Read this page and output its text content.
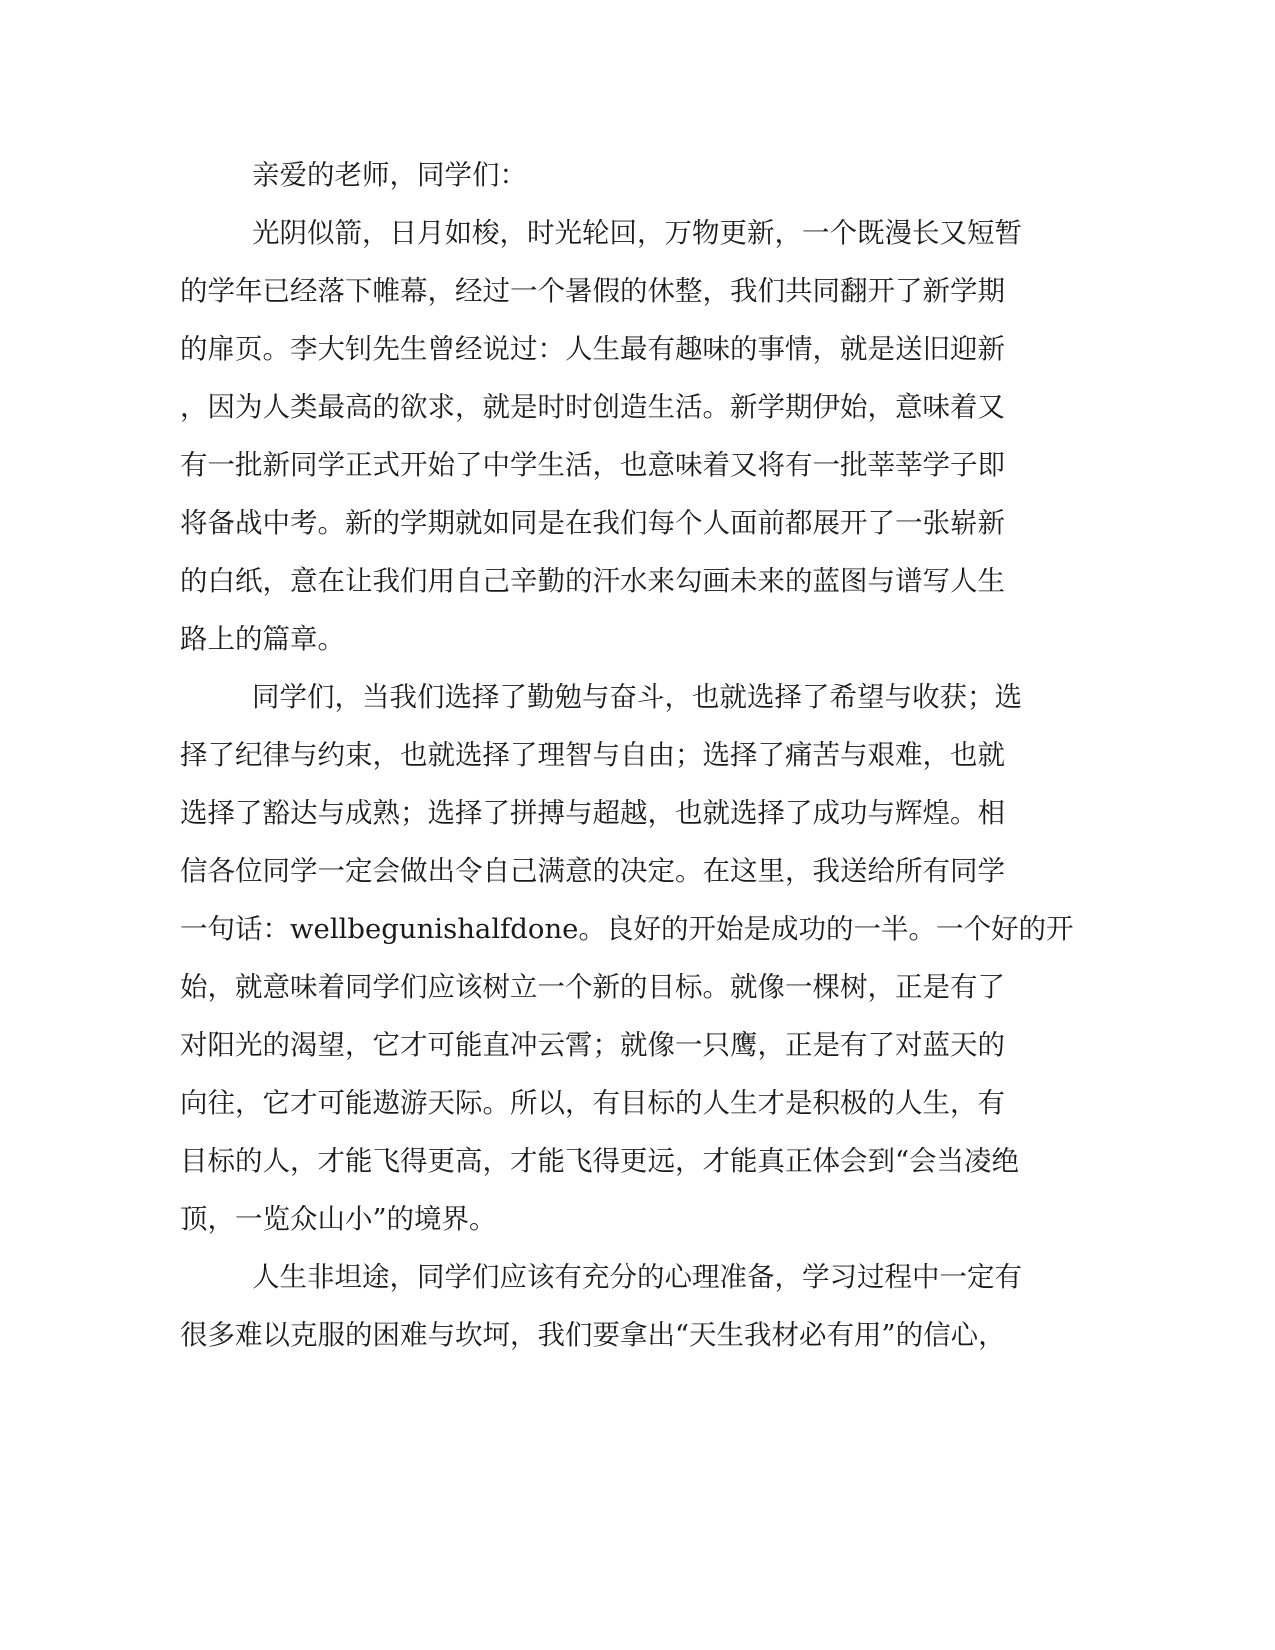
亲爱的老师，同学们：
光阴似箭，日月如梭，时光轮回，万物更新，一个既漫长又短暂
的学年已经落下帷幕，经过一个暑假的休整，我们共同翻开了新学期
的扉页。李大钊先生曾经说过：人生最有趣味的事情，就是送旧迎新
，因为人类最高的欲求，就是时时创造生活。新学期伊始，意味着又
有一批新同学正式开始了中学生活，也意味着又将有一批莘莘学子即
将备战中考。新的学期就如同是在我们每个人面前都展开了一张崭新
的白纸，意在让我们用自己辛勤的汗水来勾画未来的蓝图与谱写人生
路上的篇章。
同学们，当我们选择了勤勉与奋斗，也就选择了希望与收获；选
择了纪律与约束，也就选择了理智与自由；选择了痛苦与艰难，也就
选择了豁达与成熟；选择了拼搏与超越，也就选择了成功与辉煌。相
信各位同学一定会做出令自己满意的决定。在这里，我送给所有同学
一句话：wellbegunishalfdone。良好的开始是成功的一半。一个好的开
始，就意味着同学们应该树立一个新的目标。就像一棵树，正是有了
对阳光的渴望，它才可能直冲云霄；就像一只鹰，正是有了对蓝天的
向往，它才可能遨游天际。所以，有目标的人生才是积极的人生，有
目标的人，才能飞得更高，才能飞得更远，才能真正体会到“会当凌绝
顶，一览众山小”的境界。
人生非坦途，同学们应该有充分的心理准备，学习过程中一定有
很多难以克服的困难与坎坷，我们要拿出“天生我材必有用”的信心，
